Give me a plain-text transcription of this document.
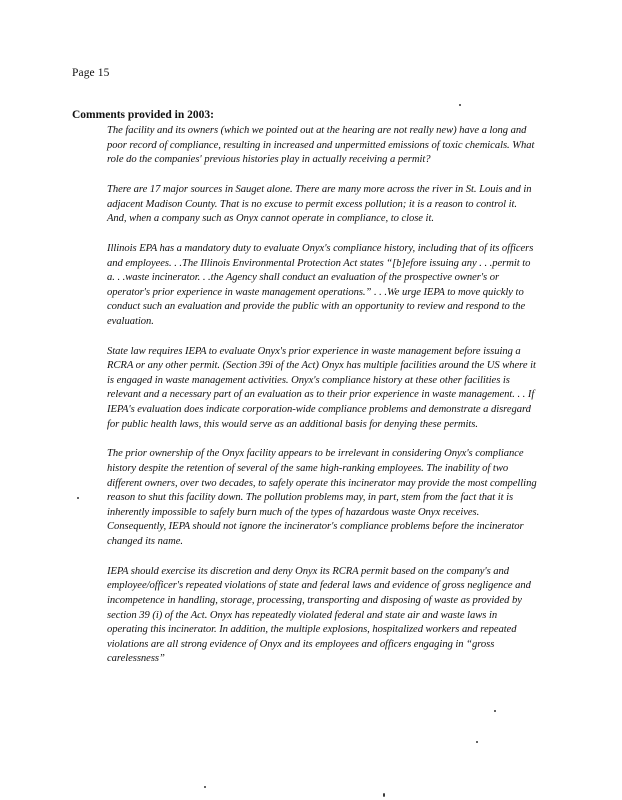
Page 15
Comments provided in 2003:

The facility and its owners (which we pointed out at the hearing are not really new) have a long and poor record of compliance, resulting in increased and unpermitted emissions of toxic chemicals. What role do the companies' previous histories play in actually receiving a permit?

There are 17 major sources in Sauget alone. There are many more across the river in St. Louis and in adjacent Madison County. That is no excuse to permit excess pollution; it is a reason to control it. And, when a company such as Onyx cannot operate in compliance, to close it.

Illinois EPA has a mandatory duty to evaluate Onyx's compliance history, including that of its officers and employees. . .The Illinois Environmental Protection Act states “[b]efore issuing any . . .permit to a. . .waste incinerator. . .the Agency shall conduct an evaluation of the prospective owner's or operator's prior experience in waste management operations.” . . .We urge IEPA to move quickly to conduct such an evaluation and provide the public with an opportunity to review and respond to the evaluation.

State law requires IEPA to evaluate Onyx's prior experience in waste management before issuing a RCRA or any other permit. (Section 39i of the Act) Onyx has multiple facilities around the US where it is engaged in waste management activities. Onyx's compliance history at these other facilities is relevant and a necessary part of an evaluation as to their prior experience in waste management. . . If IEPA's evaluation does indicate corporation-wide compliance problems and demonstrate a disregard for public health laws, this would serve as an additional basis for denying these permits.

The prior ownership of the Onyx facility appears to be irrelevant in considering Onyx's compliance history despite the retention of several of the same high-ranking employees. The inability of two different owners, over two decades, to safely operate this incinerator may provide the most compelling reason to shut this facility down. The pollution problems may, in part, stem from the fact that it is inherently impossible to safely burn much of the types of hazardous waste Onyx receives. Consequently, IEPA should not ignore the incinerator's compliance problems before the incinerator changed its name.

IEPA should exercise its discretion and deny Onyx its RCRA permit based on the company's and employee/officer's repeated violations of state and federal laws and evidence of gross negligence and incompetence in handling, storage, processing, transporting and disposing of waste as provided by section 39 (i) of the Act. Onyx has repeatedly violated federal and state air and waste laws in operating this incinerator. In addition, the multiple explosions, hospitalized workers and repeated violations are all strong evidence of Onyx and its employees and officers engaging in “gross carelessness”
